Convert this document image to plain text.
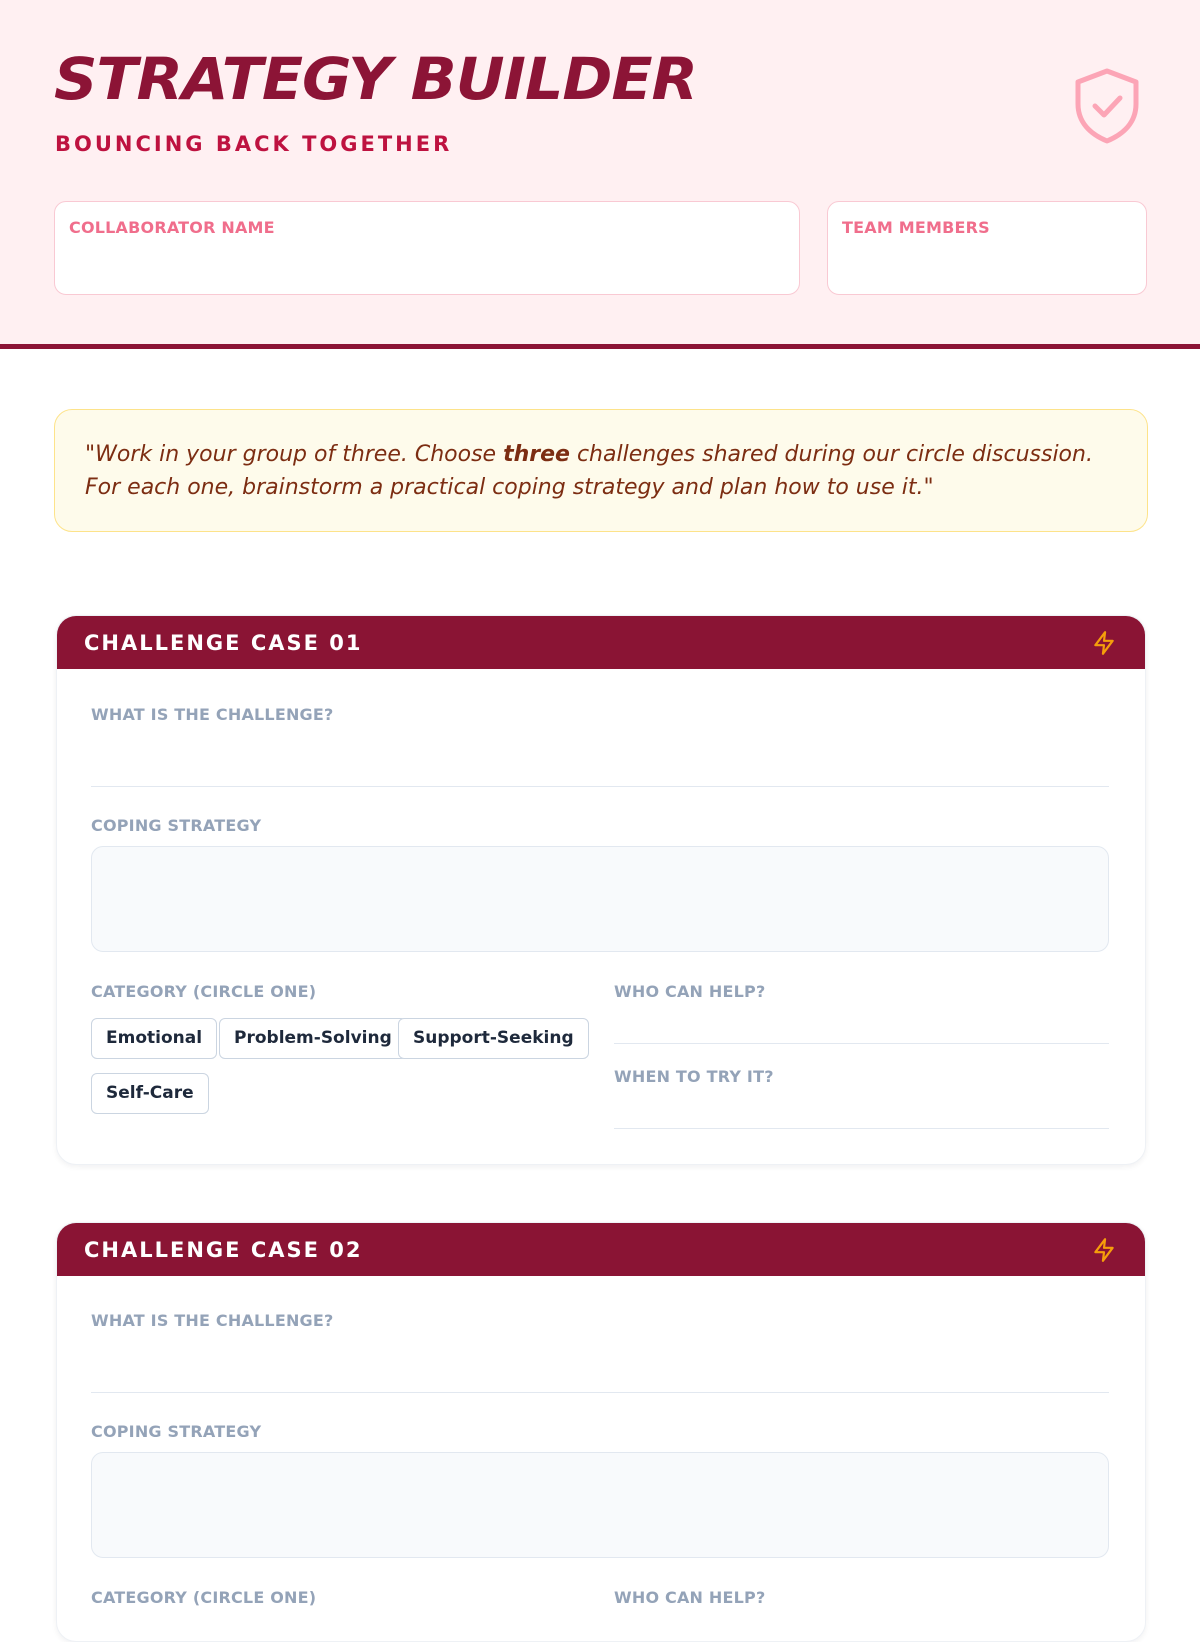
STRATEGY BUILDER
BOUNCING BACK TOGETHER
COLLABORATOR NAME	TEAM MEMBERS
"Work in your group of three. Choose three challenges shared during our circle discussion. For each one, brainstorm a practical coping strategy and plan how to use it."
CHALLENGE CASE 01
WHAT IS THE CHALLENGE?
COPING STRATEGY
CATEGORY (CIRCLE ONE)
Emotional	Problem-Solving	Support-Seeking
Self-Care
WHO CAN HELP?
WHEN TO TRY IT?
CHALLENGE CASE 02
WHAT IS THE CHALLENGE?
COPING STRATEGY
CATEGORY (CIRCLE ONE)	WHO CAN HELP?
